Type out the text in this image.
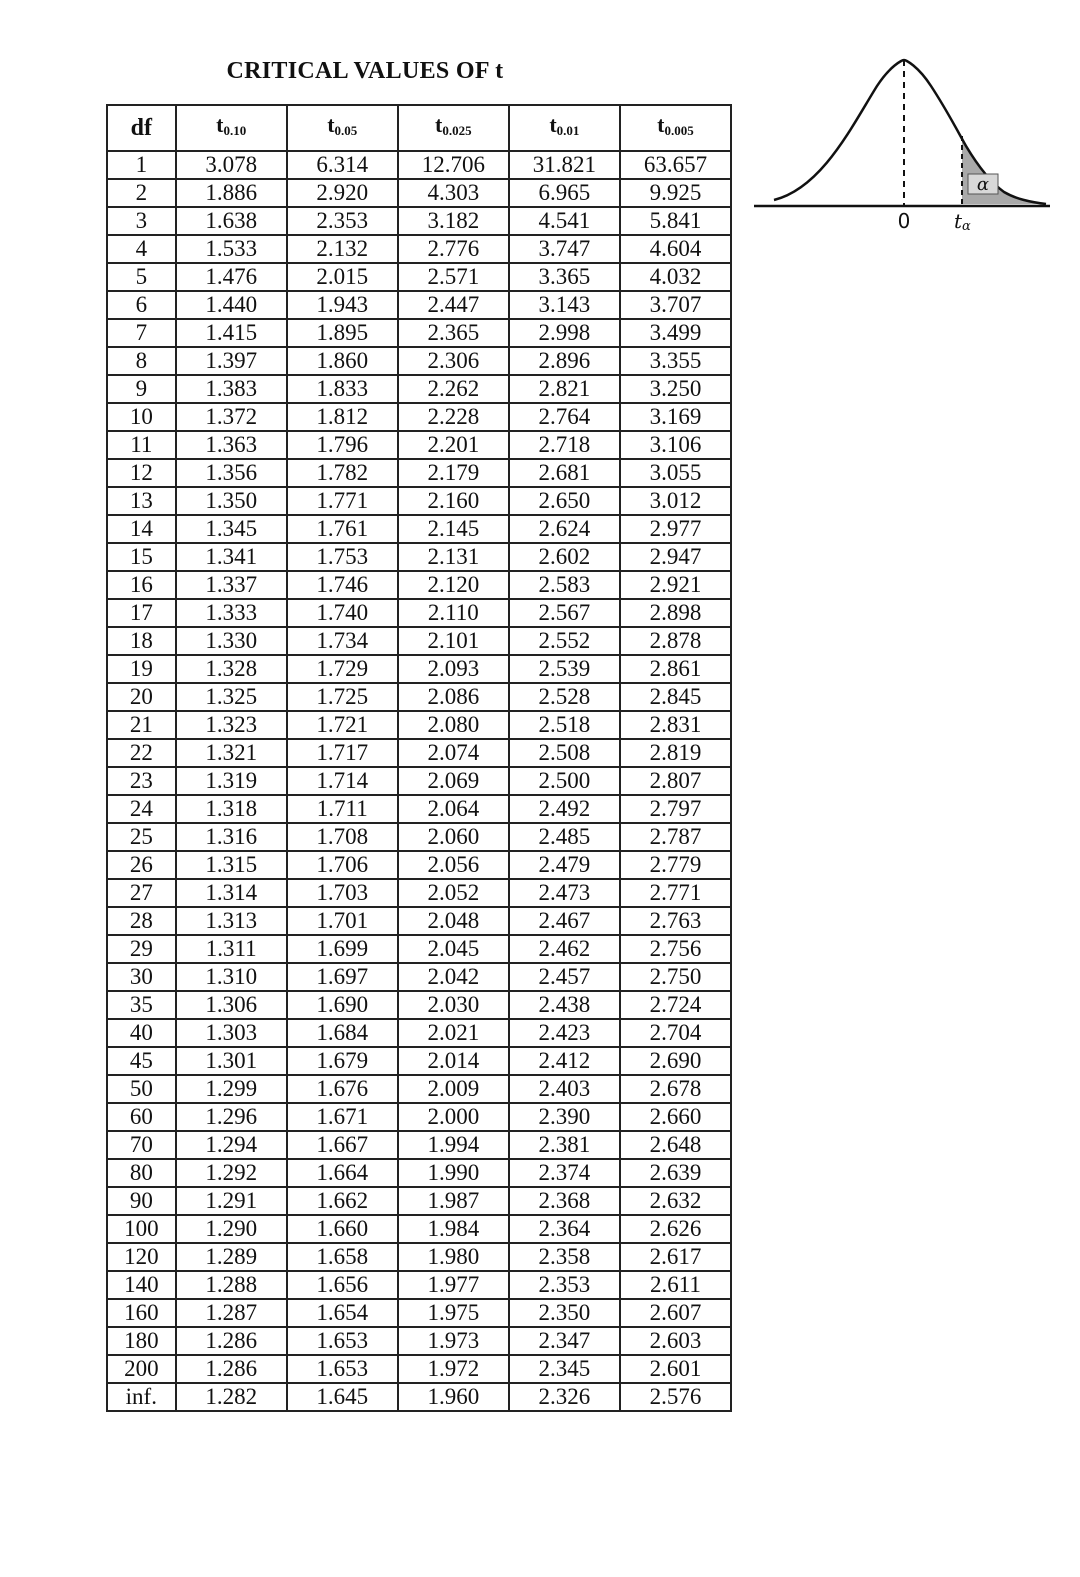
CRITICAL VALUES OF t
df	$t_{0.10}$	$t_{0.05}$	$t_{0.025}$	$t_{0.01}$	$t_{0.005}$
1	3.078	6.314	12.706	31.821	63.657
2	1.886	2.920	4.303	6.965	9.925
3	1.638	2.353	3.182	4.541	5.841
4	1.533	2.132	2.776	3.747	4.604
5	1.476	2.015	2.571	3.365	4.032
6	1.440	1.943	2.447	3.143	3.707
7	1.415	1.895	2.365	2.998	3.499
8	1.397	1.860	2.306	2.896	3.355
9	1.383	1.833	2.262	2.821	3.250
10	1.372	1.812	2.228	2.764	3.169
11	1.363	1.796	2.201	2.718	3.106
12	1.356	1.782	2.179	2.681	3.055
13	1.350	1.771	2.160	2.650	3.012
14	1.345	1.761	2.145	2.624	2.977
15	1.341	1.753	2.131	2.602	2.947
16	1.337	1.746	2.120	2.583	2.921
17	1.333	1.740	2.110	2.567	2.898
18	1.330	1.734	2.101	2.552	2.878
19	1.328	1.729	2.093	2.539	2.861
20	1.325	1.725	2.086	2.528	2.845
21	1.323	1.721	2.080	2.518	2.831
22	1.321	1.717	2.074	2.508	2.819
23	1.319	1.714	2.069	2.500	2.807
24	1.318	1.711	2.064	2.492	2.797
25	1.316	1.708	2.060	2.485	2.787
26	1.315	1.706	2.056	2.479	2.779
27	1.314	1.703	2.052	2.473	2.771
28	1.313	1.701	2.048	2.467	2.763
29	1.311	1.699	2.045	2.462	2.756
30	1.310	1.697	2.042	2.457	2.750
35	1.306	1.690	2.030	2.438	2.724
40	1.303	1.684	2.021	2.423	2.704
45	1.301	1.679	2.014	2.412	2.690
50	1.299	1.676	2.009	2.403	2.678
60	1.296	1.671	2.000	2.390	2.660
70	1.294	1.667	1.994	2.381	2.648
80	1.292	1.664	1.990	2.374	2.639
90	1.291	1.662	1.987	2.368	2.632
100	1.290	1.660	1.984	2.364	2.626
120	1.289	1.658	1.980	2.358	2.617
140	1.288	1.656	1.977	2.353	2.611
160	1.287	1.654	1.975	2.350	2.607
180	1.286	1.653	1.973	2.347	2.603
200	1.286	1.653	1.972	2.345	2.601
inf.	1.282	1.645	1.960	2.326	2.576
α
0 tα
